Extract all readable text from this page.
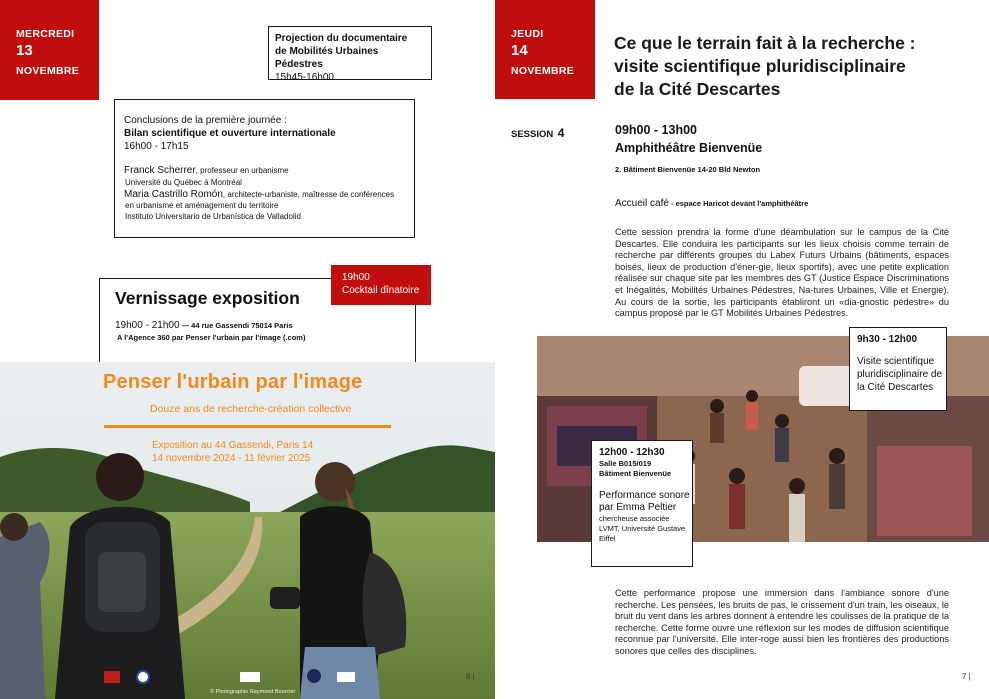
MERCREDI
13
NOVEMBRE
Projection du documentaire
de Mobilités Urbaines Pédestres
15h45-16h00
Conclusions de la première journée :
Bilan scientifique et ouverture internationale
16h00 - 17h15
Franck Scherrer, professeur en urbanisme
Université du Québec à Montréal
Maria Castrillo Romón, architecte-urbaniste, maîtresse de conférences
en urbanisme et aménagement du territoire
Instituto Universitario de Urbanística de Valladolid
Vernissage exposition
19h00 - 21h00 — 44 rue Gassendi 75014 Paris
A l'Agence 360 par Penser l'urbain par l'image (.com)
19h00
Cocktail dînatoire
Penser l'urbain par l'image
Douze ans de recherche-création collective
Exposition au 44 Gassendi, Paris 14
14 novembre 2024 - 11 février 2025
© Photographie Raymond Bourcier
6 |
JEUDI
14
NOVEMBRE
Ce que le terrain fait à la recherche :
visite scientifique pluridisciplinaire
de la Cité Descartes
SESSION 4	09h00 - 13h00
Amphithéâtre Bienvenüe
2. Bâtiment Bienvenüe 14-20 Bld Newton
Accueil café - espace Haricot devant l'amphithéâtre
Cette session prendra la forme d'une déambulation sur le campus de la Cité Descartes. Elle conduira les participants sur les lieux choisis comme terrain de recherche par différents groupes du Labex Futurs Urbains (bâtiments, espaces boisés, lieux de production d'éner-gie, lieux sportifs), avec une petite explication réalisée sur chaque site par les membres des GT (Justice Espace Discriminations et Inégalités, Mobilités Urbaines Pédestres, Na-tures Urbaines, Ville et Energie). Au cours de la sortie, les participants établiront un «dia-gnostic pédestre» du campus proposé par le GT Mobilités Urbaines Pédestres.
9h30 - 12h00
Visite scientifique
pluridisciplinaire de
la Cité Descartes
12h00 - 12h30
Salle B015/019
Bâtiment Bienvenüe
Performance sonore
par Emma Peltier
chercheuse associée
LVMT, Université Gustave
Eiffel
Cette performance propose une immersion dans l'ambiance sonore d'une recherche. Les pensées, les bruits de pas, le crissement d'un train, les oiseaux, le bruit du vent dans les arbres donnent à entendre les coulisses de la pratique de la recherche. Cette forme ouvre une réflexion sur les modes de diffusion scientifique reconnue par l'université. Elle inter-roge aussi bien les frontières des productions sonores que celles des disciplines.
7 |
